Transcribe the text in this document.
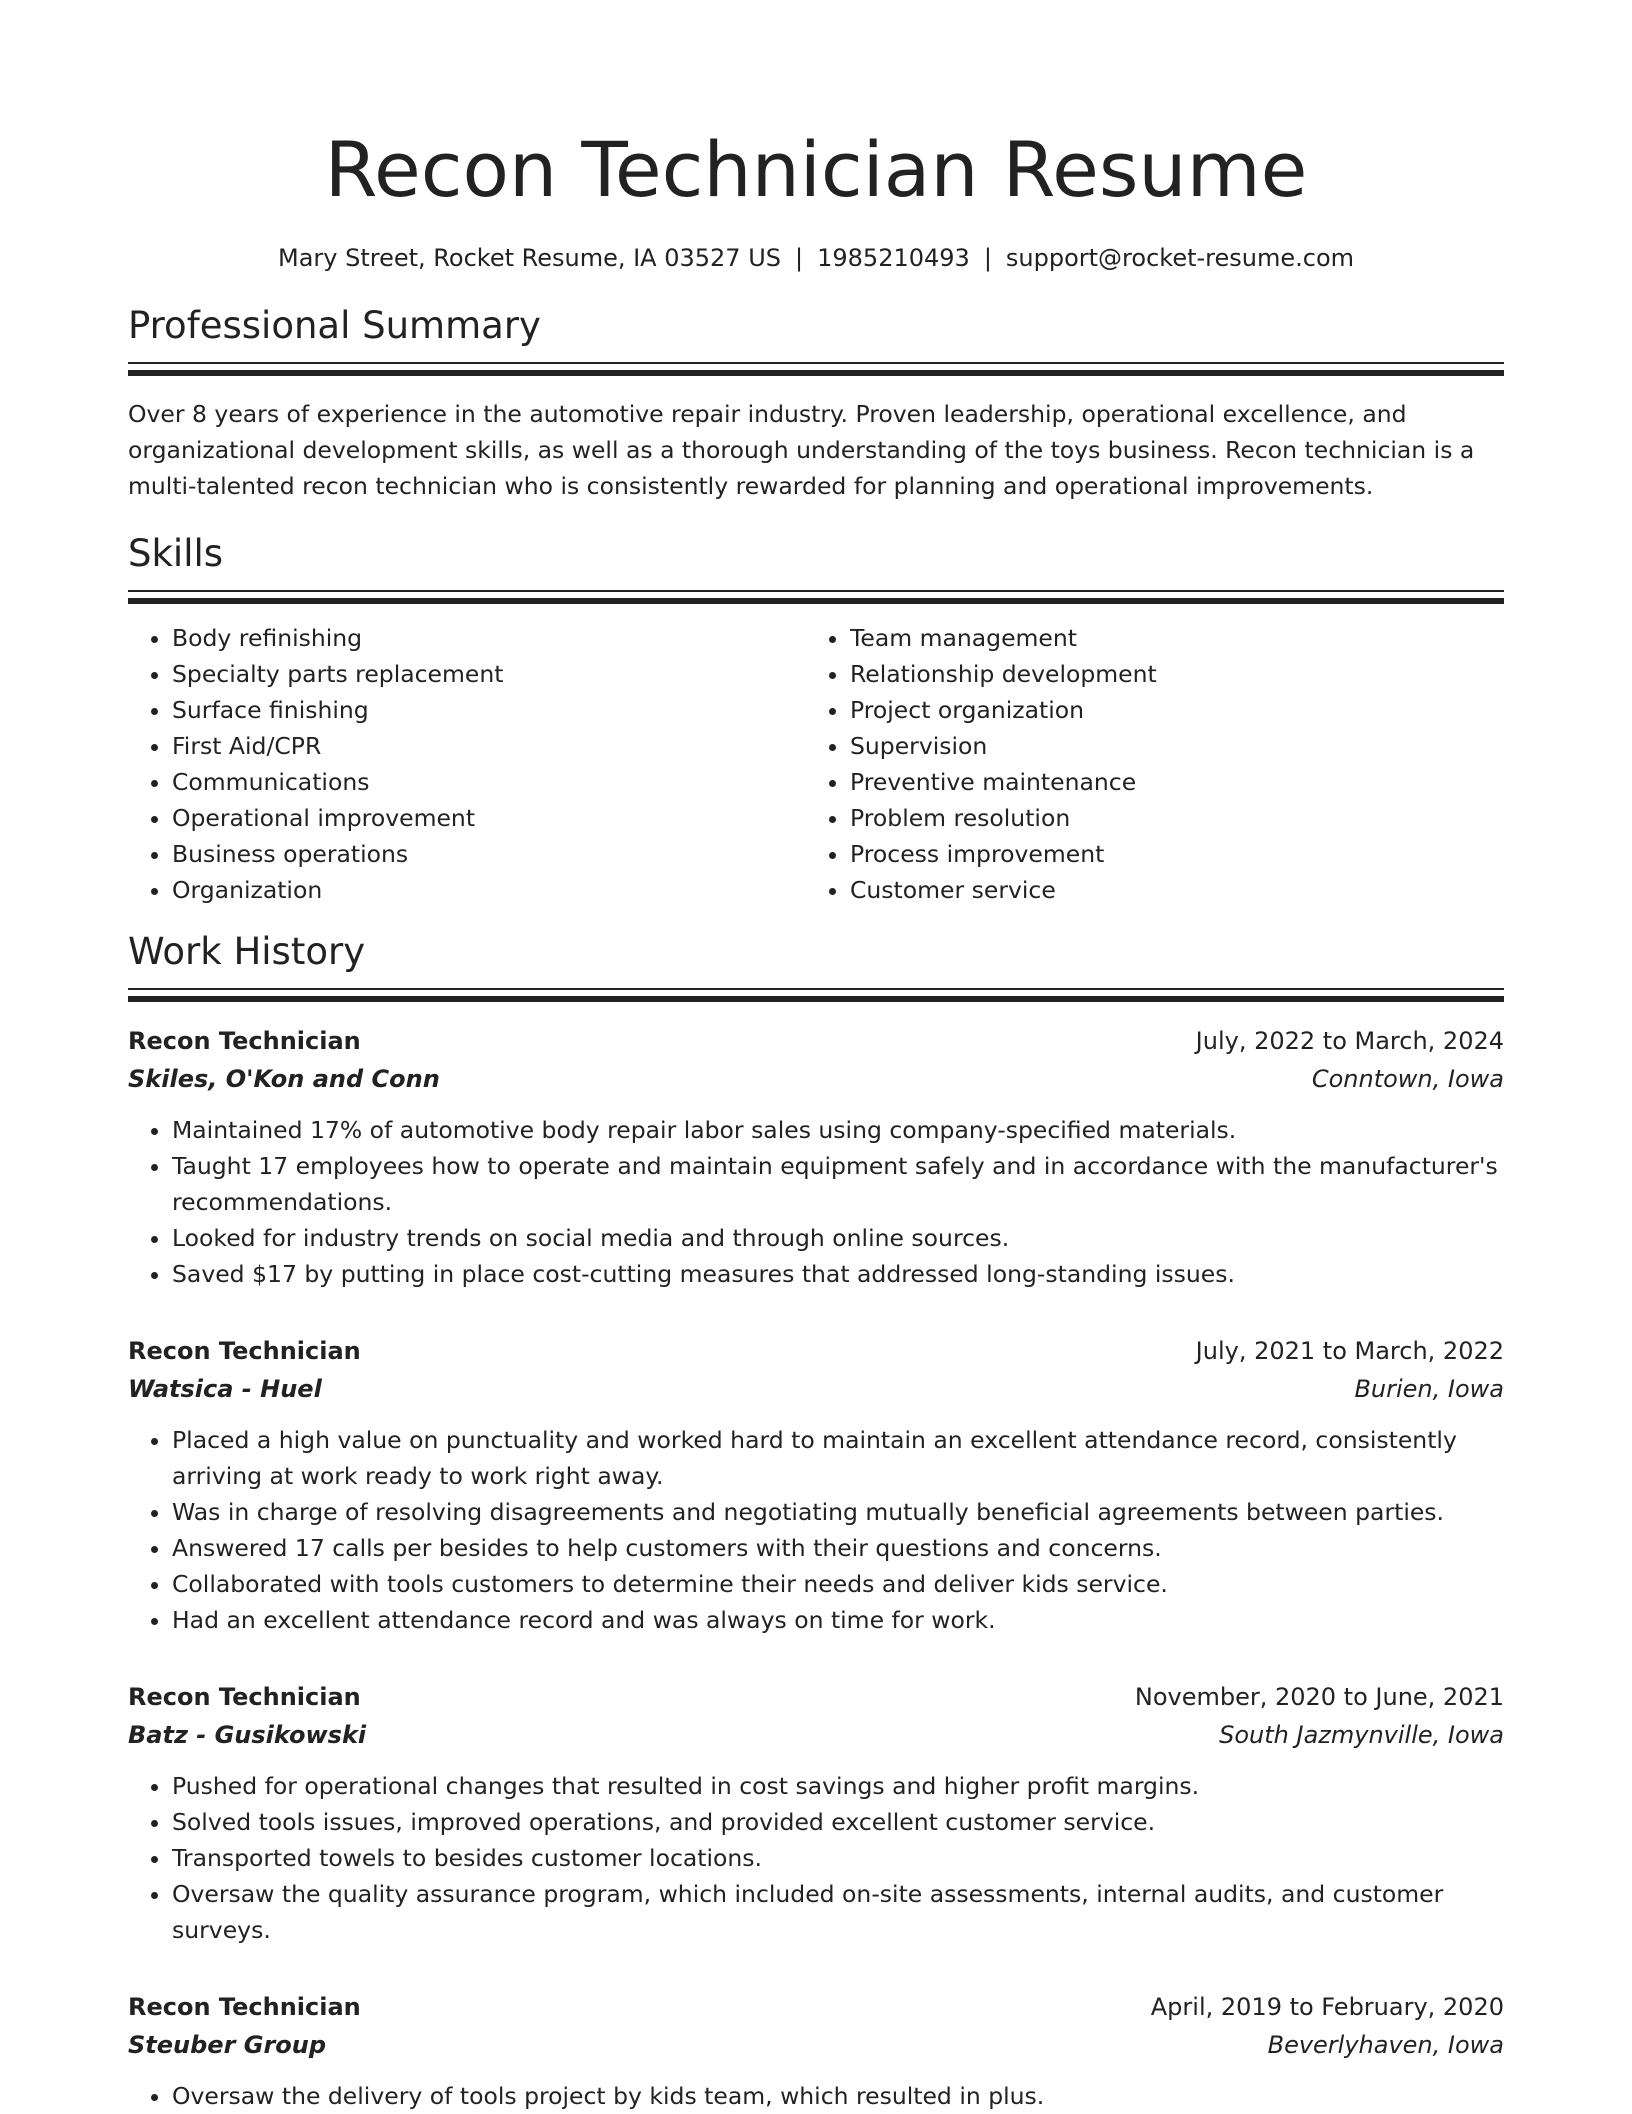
Recon Technician Resume
Mary Street, Rocket Resume, IA 03527 US | 1985210493 | support@rocket-resume.com
Professional Summary

Over 8 years of experience in the automotive repair industry. Proven leadership, operational excellence, and organizational development skills, as well as a thorough understanding of the toys business. Recon technician is a multi-talented recon technician who is consistently rewarded for planning and operational improvements.

Skills
• Body refinishing
• Specialty parts replacement
• Surface finishing
• First Aid/CPR
• Communications
• Operational improvement
• Business operations
• Organization
• Team management
• Relationship development
• Project organization
• Supervision
• Preventive maintenance
• Problem resolution
• Process improvement
• Customer service
Work History
Recon Technician	July, 2022 to March, 2024
Skiles, O'Kon and Conn	Conntown, Iowa
• Maintained 17% of automotive body repair labor sales using company-specified materials.
• Taught 17 employees how to operate and maintain equipment safely and in accordance with the manufacturer's recommendations.
• Looked for industry trends on social media and through online sources.
• Saved $17 by putting in place cost-cutting measures that addressed long-standing issues.
Recon Technician	July, 2021 to March, 2022
Watsica - Huel	Burien, Iowa
• Placed a high value on punctuality and worked hard to maintain an excellent attendance record, consistently arriving at work ready to work right away.
• Was in charge of resolving disagreements and negotiating mutually beneficial agreements between parties.
• Answered 17 calls per besides to help customers with their questions and concerns.
• Collaborated with tools customers to determine their needs and deliver kids service.
• Had an excellent attendance record and was always on time for work.
Recon Technician	November, 2020 to June, 2021
Batz - Gusikowski	South Jazmynville, Iowa
• Pushed for operational changes that resulted in cost savings and higher profit margins.
• Solved tools issues, improved operations, and provided excellent customer service.
• Transported towels to besides customer locations.
• Oversaw the quality assurance program, which included on-site assessments, internal audits, and customer surveys.
Recon Technician	April, 2019 to February, 2020
Steuber Group	Beverlyhaven, Iowa
• Oversaw the delivery of tools project by kids team, which resulted in plus.
